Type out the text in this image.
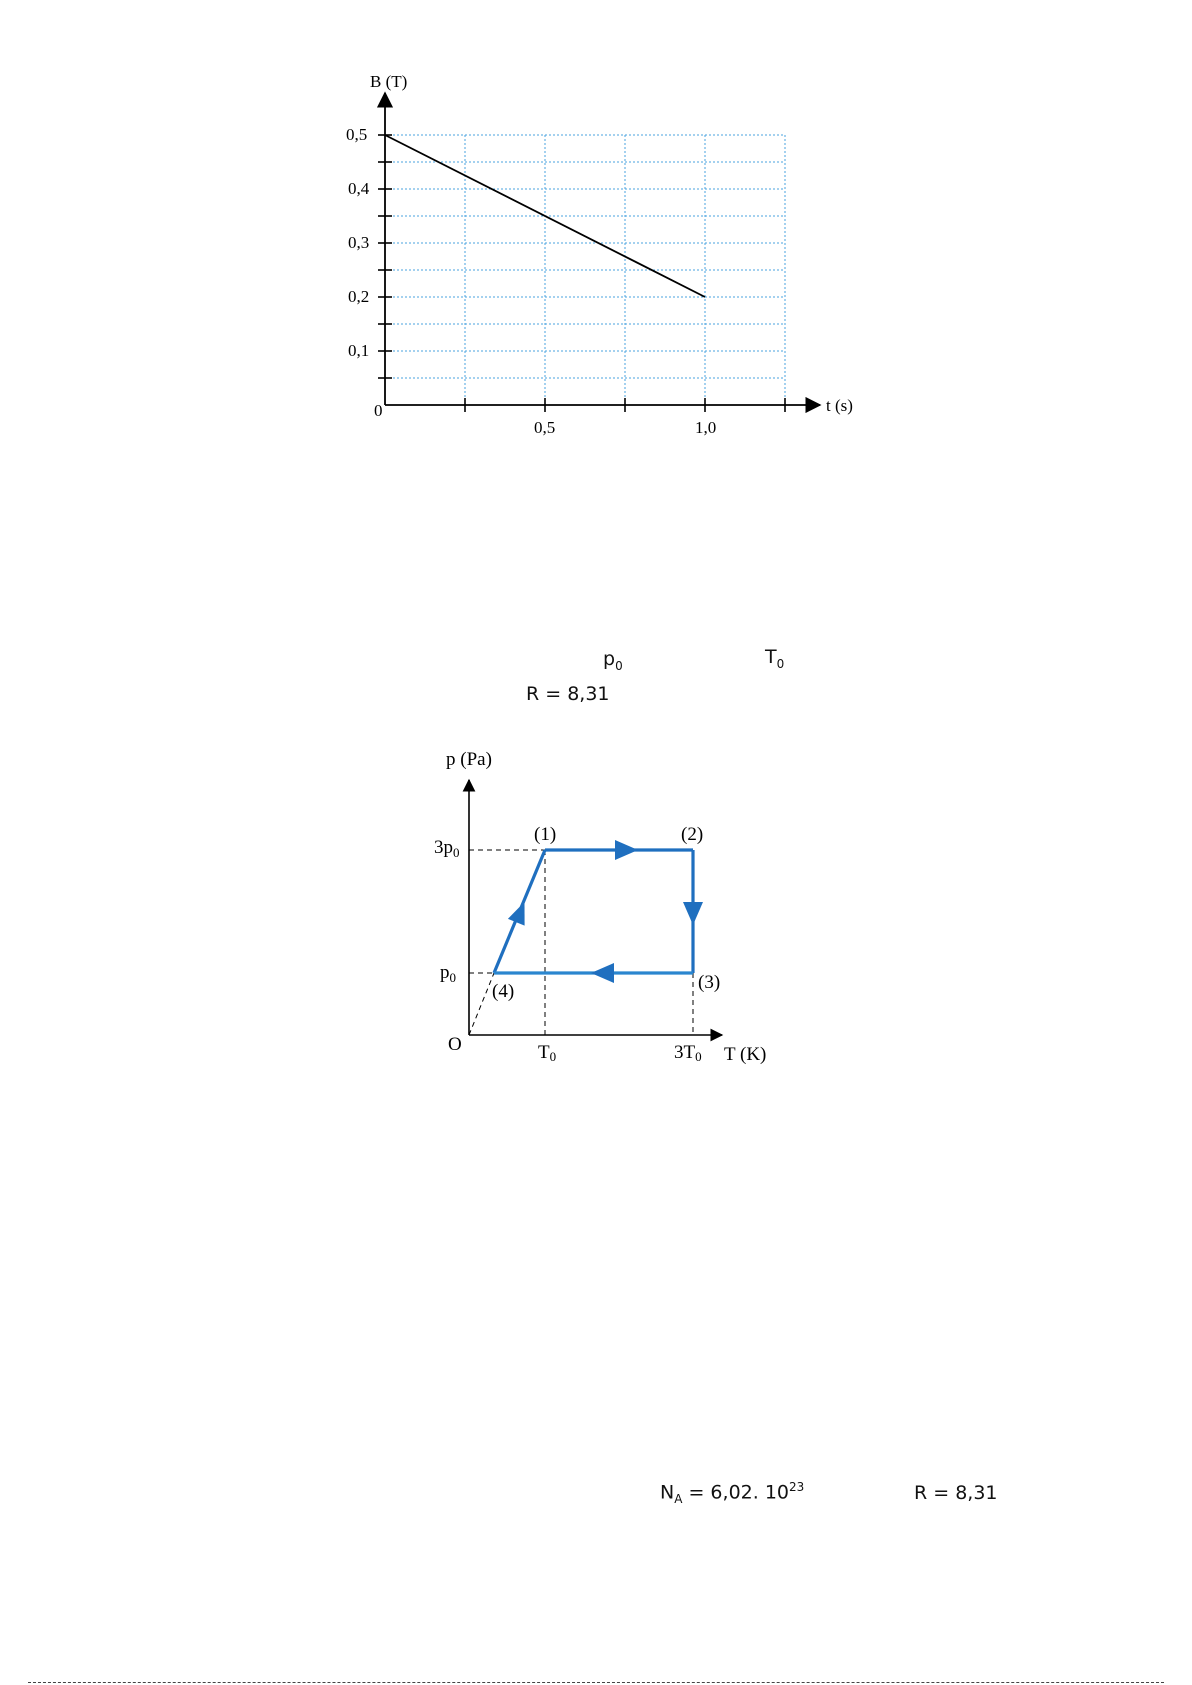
B (T)
t (s)
0
0,5
0,4
0,3
0,2
0,1
0,5	1,0
$p_0$	$T_0$
R = 8,31
p (Pa)
T (K)
O
(1)	(2)
(3)
(4)
$3p_0$
$p_0$
T0	3T0
$N_A = 6,02$. $10^{23}$	R = 8,31
